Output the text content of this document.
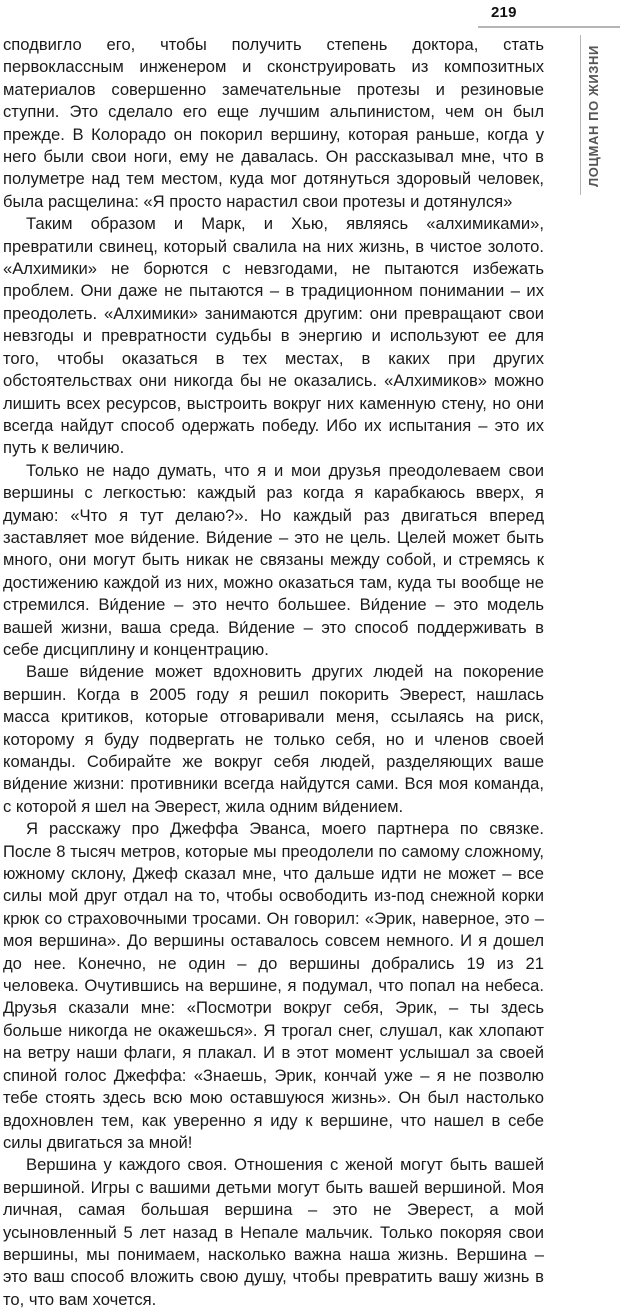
219
ЛОЦМАН ПО ЖИЗНИ

сподвигло его, чтобы получить степень доктора, стать первоклассным инженером и сконструировать из композитных материалов совершенно замечательные протезы и резиновые ступни. Это сделало его еще лучшим альпинистом, чем он был прежде. В Колорадо он покорил вершину, которая раньше, когда у него были свои ноги, ему не давалась. Он рассказывал мне, что в полуметре над тем местом, куда мог дотянуться здоровый человек, была расщелина: «Я просто нарастил свои протезы и дотянулся»

Таким образом и Марк, и Хью, являясь «алхимиками», превратили свинец, который свалила на них жизнь, в чистое золото. «Алхимики» не борются с невзгодами, не пытаются избежать проблем. Они даже не пытаются – в традиционном понимании – их преодолеть. «Алхимики» занимаются другим: они превращают свои невзгоды и превратности судьбы в энергию и используют ее для того, чтобы оказаться в тех местах, в каких при других обстоятельствах они никогда бы не оказались. «Алхимиков» можно лишить всех ресурсов, выстроить вокруг них каменную стену, но они всегда найдут способ одержать победу. Ибо их испытания – это их путь к величию.

Только не надо думать, что я и мои друзья преодолеваем свои вершины с легкостью: каждый раз когда я карабкаюсь вверх, я думаю: «Что я тут делаю?». Но каждый раз двигаться вперед заставляет мое ви́дение. Ви́дение – это не цель. Целей может быть много, они могут быть никак не связаны между собой, и стремясь к достижению каждой из них, можно оказаться там, куда ты вообще не стремился. Ви́дение – это нечто большее. Ви́дение – это модель вашей жизни, ваша среда. Ви́дение – это способ поддерживать в себе дисциплину и концентрацию.

Ваше ви́дение может вдохновить других людей на покорение вершин. Когда в 2005 году я решил покорить Эверест, нашлась масса критиков, которые отговаривали меня, ссылаясь на риск, которому я буду подвергать не только себя, но и членов своей команды. Собирайте же вокруг себя людей, разделяющих ваше ви́дение жизни: противники всегда найдутся сами. Вся моя команда, с которой я шел на Эверест, жила одним ви́дением.

Я расскажу про Джеффа Эванса, моего партнера по связке. После 8 тысяч метров, которые мы преодолели по самому сложному, южному склону, Джеф сказал мне, что дальше идти не может – все силы мой друг отдал на то, чтобы освободить из-под снежной корки крюк со страховочными тросами. Он говорил: «Эрик, наверное, это – моя вершина». До вершины оставалось совсем немного. И я дошел до нее. Конечно, не один – до вершины добрались 19 из 21 человека. Очутившись на вершине, я подумал, что попал на небеса. Друзья сказали мне: «Посмотри вокруг себя, Эрик, – ты здесь больше никогда не окажешься». Я трогал снег, слушал, как хлопают на ветру наши флаги, я плакал. И в этот момент услышал за своей спиной голос Джеффа: «Знаешь, Эрик, кончай уже – я не позволю тебе стоять здесь всю мою оставшуюся жизнь». Он был настолько вдохновлен тем, как уверенно я иду к вершине, что нашел в себе силы двигаться за мной!

Вершина у каждого своя. Отношения с женой могут быть вашей вершиной. Игры с вашими детьми могут быть вашей вершиной. Моя личная, самая большая вершина – это не Эверест, а мой усыновленный 5 лет назад в Непале мальчик. Только покоряя свои вершины, мы понимаем, насколько важна наша жизнь. Вершина – это ваш способ вложить свою душу, чтобы превратить вашу жизнь в то, что вам хочется.
